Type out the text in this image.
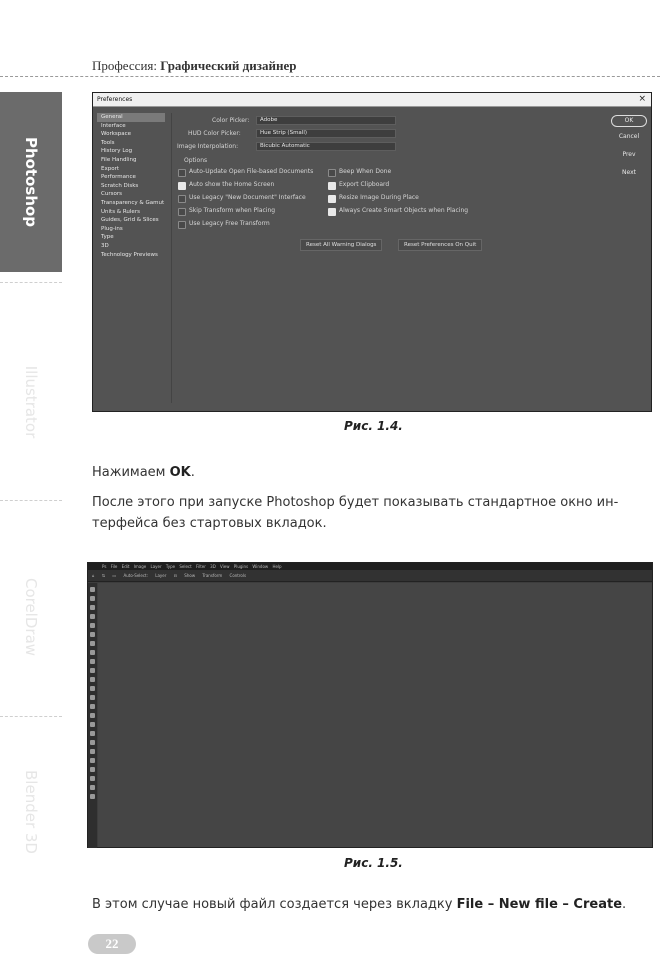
Профессия: Графический дизайнер
Photoshop
Illustrator
CorelDraw
Blender 3D
Preferences	×
General
Interface
Workspace
Tools
History Log
File Handling
Export
Performance
Scratch Disks
Cursors
Transparency & Gamut
Units & Rulers
Guides, Grid & Slices
Plug-ins
Type
3D
Technology Previews
Color Picker:	Adobe
HUD Color Picker:	Hue Strip (Small)
Image Interpolation:	Bicubic Automatic
Options
Auto-Update Open File-based Documents
Auto show the Home Screen
Use Legacy "New Document" Interface
Skip Transform when Placing
Use Legacy Free Transform
Beep When Done
Export Clipboard
Resize Image During Place
Always Create Smart Objects when Placing
Reset All Warning Dialogs	Reset Preferences On Quit
OK
Cancel
Prev
Next
Рис. 1.4.
Нажимаем OK.
После этого при запуске Photoshop будет показывать стандартное окно ин-
терфейса без стартовых вкладок.
Ps File Edit Image Layer Type Select Filter 3D View Plugins Window Help
⌂ ⇅ ▭ Auto-Select: Layer ⊟ Show Transform Controls
Рис. 1.5.
В этом случае новый файл создается через вкладку File – New file – Create.
22
